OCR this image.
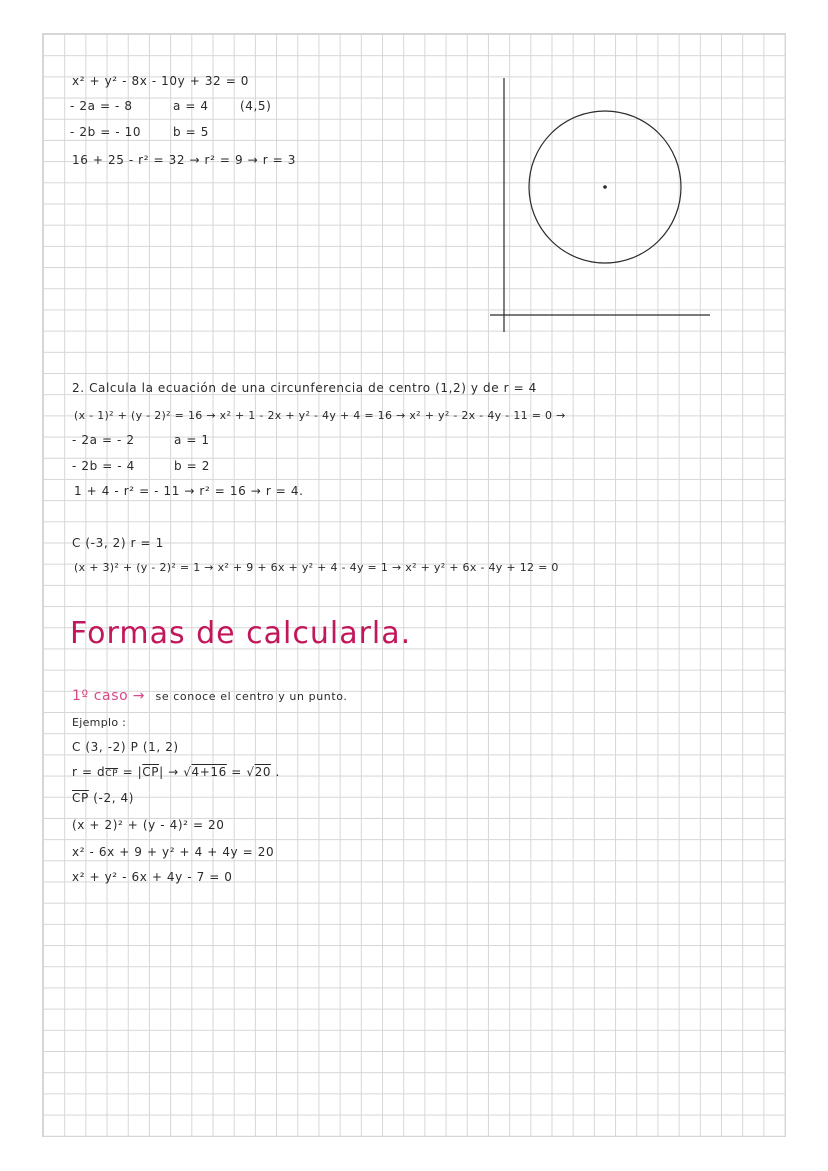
x² + y² - 8x - 10y + 32 = 0
- 2a = - 8	a = 4	(4,5)
- 2b = - 10	b = 5
16 + 25 - r² = 32 → r² = 9 → r = 3
2. Calcula la ecuación de una circunferencia de centro (1,2) y de r = 4
(x - 1)² + (y - 2)² = 16 → x² + 1 - 2x + y² - 4y + 4 = 16 → x² + y² - 2x - 4y - 11 = 0 →
- 2a = - 2	a = 1
- 2b = - 4	b = 2
1 + 4 - r² = - 11 → r² = 16 → r = 4.
C (-3, 2) r = 1
(x + 3)² + (y - 2)² = 1 → x² + 9 + 6x + y² + 4 - 4y = 1 → x² + y² + 6x - 4y + 12 = 0
Formas de calcularla.
1º caso → se conoce el centro y un punto.
Ejemplo :
C (3, -2) P (1, 2)
$r = d\overline{CP} = |\overline{CP}| \to √4+16 = √20$ .
$\overline{CP}$ (-2, 4)
(x + 2)² + (y - 4)² = 20
x² - 6x + 9 + y² + 4 + 4y = 20
x² + y² - 6x + 4y - 7 = 0
